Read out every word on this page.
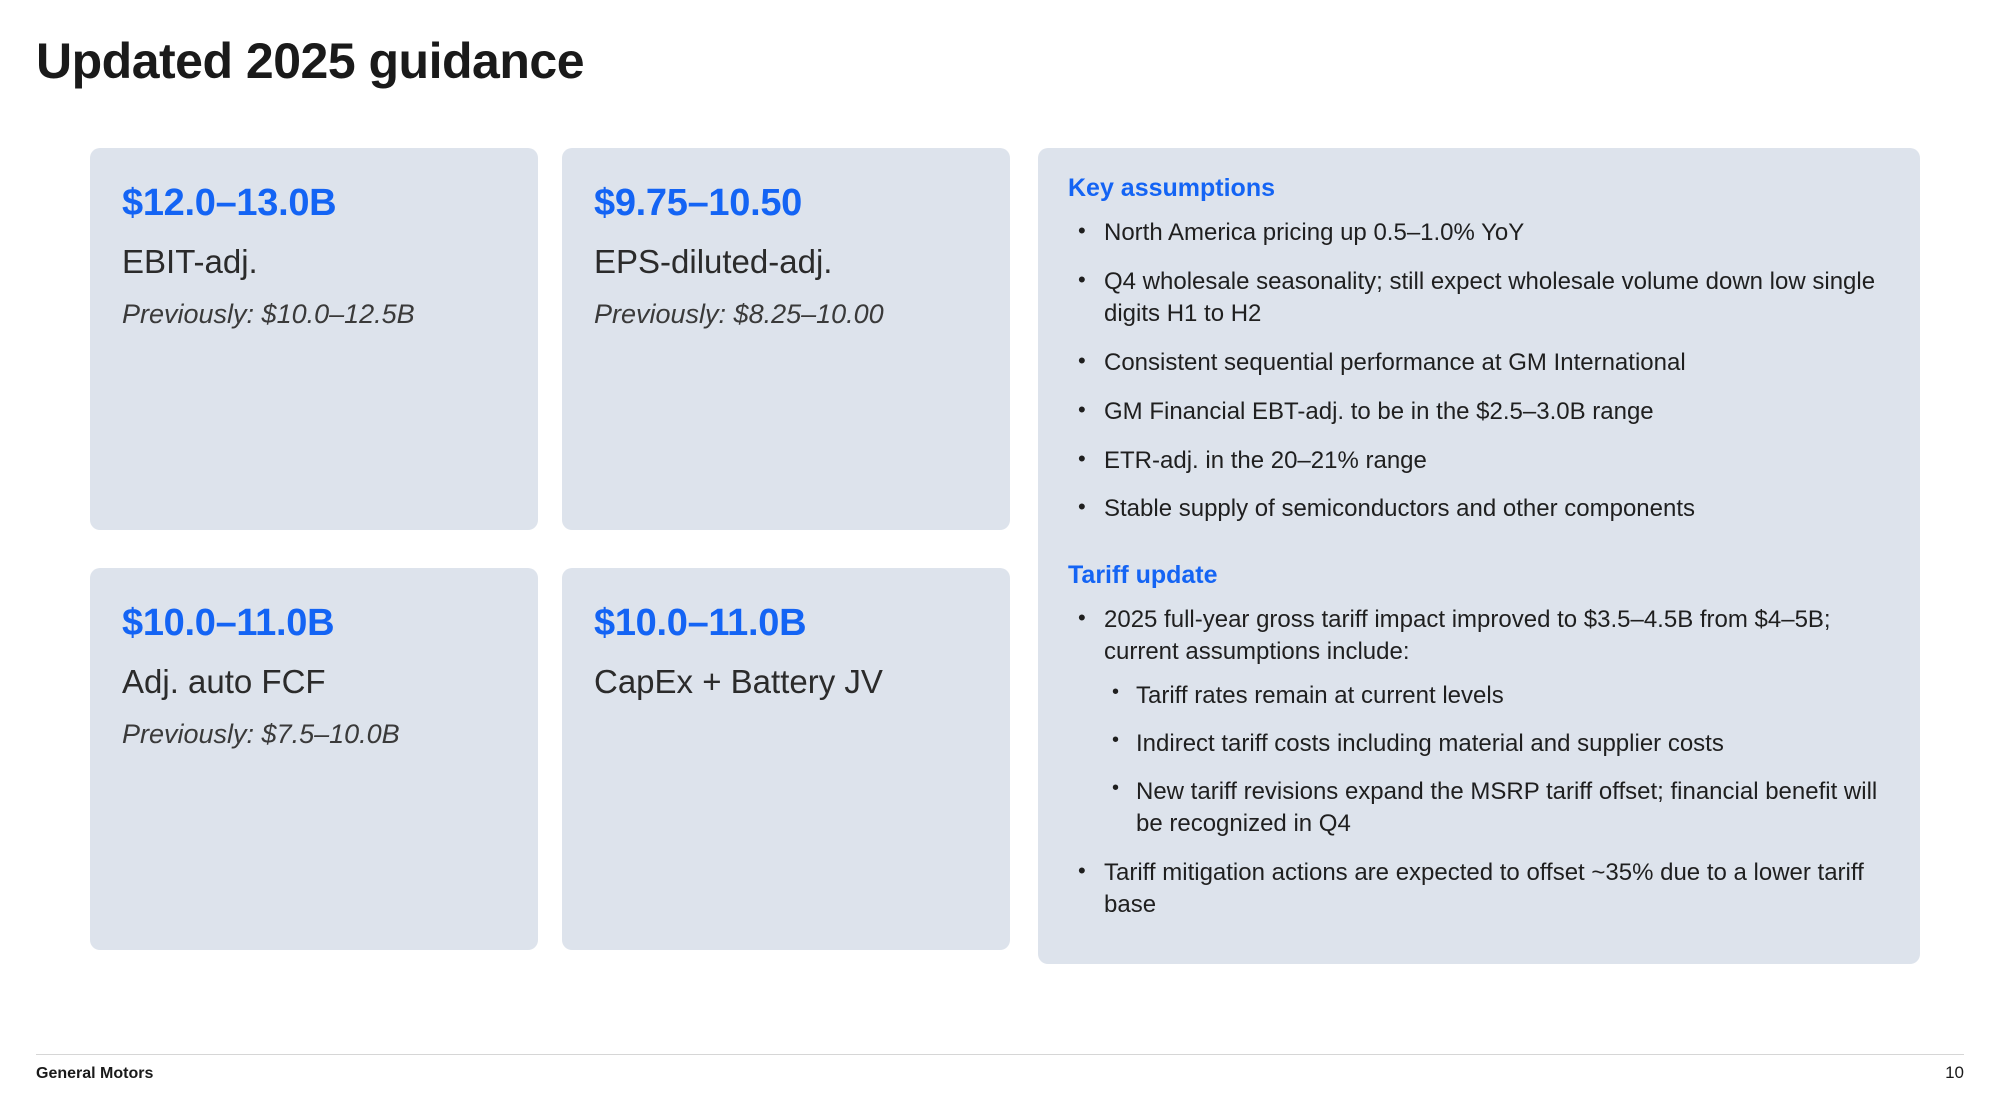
Updated 2025 guidance
$12.0–13.0B
EBIT-adj.
Previously: $10.0–12.5B
$9.75–10.50
EPS-diluted-adj.
Previously: $8.25–10.00
$10.0–11.0B
Adj. auto FCF
Previously: $7.5–10.0B
$10.0–11.0B
CapEx + Battery JV
Key assumptions
• North America pricing up 0.5–1.0% YoY
• Q4 wholesale seasonality; still expect wholesale volume down low single digits H1 to H2
• Consistent sequential performance at GM International
• GM Financial EBT-adj. to be in the $2.5–3.0B range
• ETR-adj. in the 20–21% range
• Stable supply of semiconductors and other components
Tariff update
• 2025 full-year gross tariff impact improved to $3.5–4.5B from $4–5B; current assumptions include:
• Tariff rates remain at current levels
• Indirect tariff costs including material and supplier costs
• New tariff revisions expand the MSRP tariff offset; financial benefit will be recognized in Q4
• Tariff mitigation actions are expected to offset ~35% due to a lower tariff base
General Motors	10
